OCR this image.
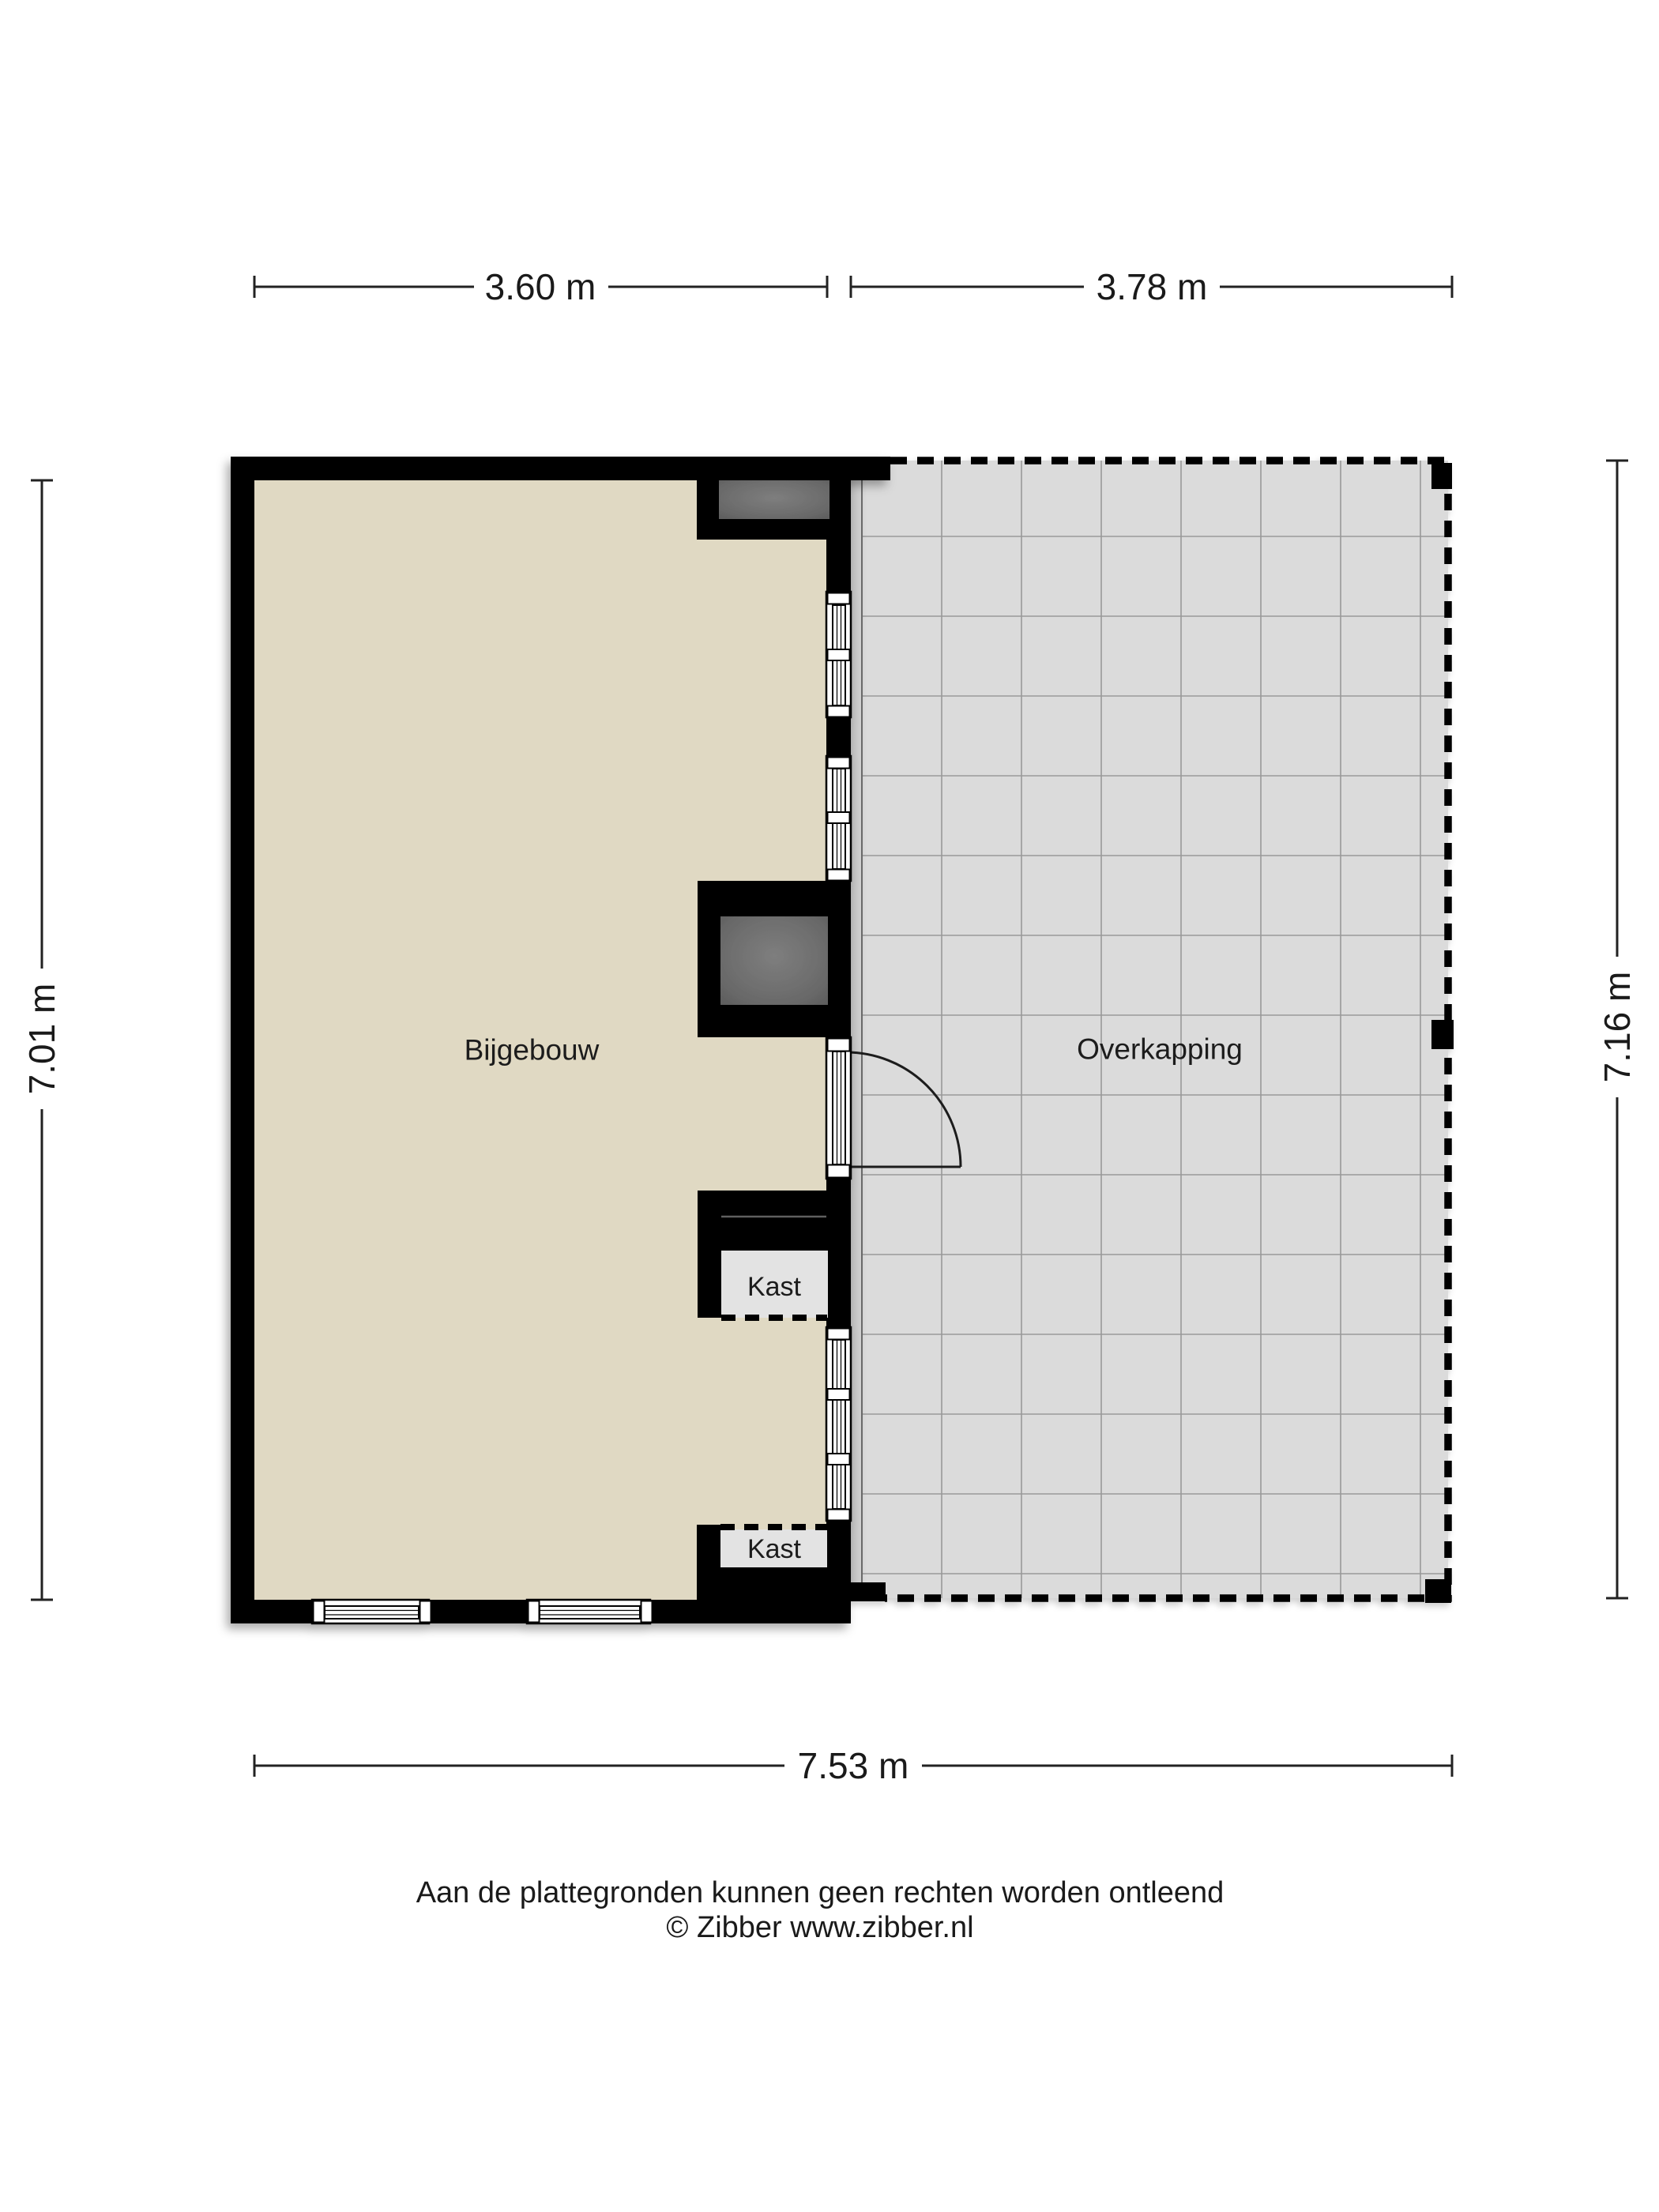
Overkapping
Kast
Kast
Bijgebouw
3.60 m	3.78 m
7.01 m	7.16 m
7.53 m
Aan de plattegronden kunnen geen rechten worden ontleend
© Zibber www.zibber.nl
